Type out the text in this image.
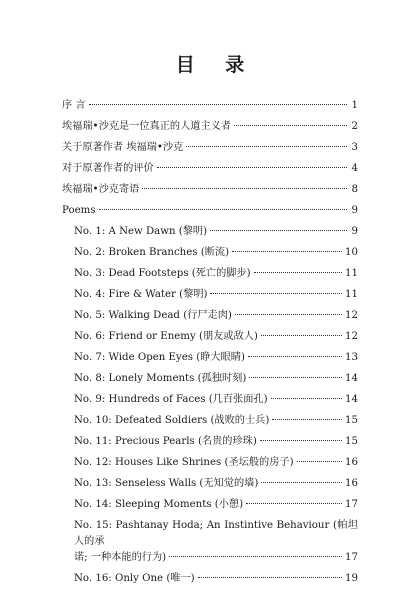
目 录
序 言	1
埃福瑞•沙克是一位真正的人道主义者	2
关于原著作者 埃福瑞•沙克	3
对于原著作者的评价	4
埃福瑞•沙克寄语	8
Poems	9
No. 1: A New Dawn (黎明)	9
No. 2: Broken Branches (断流)	10
No. 3: Dead Footsteps (死亡的脚步)	11
No. 4: Fire & Water (黎明)	11
No. 5: Walking Dead (行尸走肉)	12
No. 6: Friend or Enemy (朋友或敌人)	12
No. 7: Wide Open Eyes (睁大眼睛)	13
No. 8: Lonely Moments (孤独时刻)	14
No. 9: Hundreds of Faces (几百张面孔)	14
No. 10: Defeated Soldiers (战败的士兵)	15
No. 11: Precious Pearls (名贵的珍珠)	15
No. 12: Houses Like Shrines (圣坛般的房子)	16
No. 13: Senseless Walls (无知觉的墙)	16
No. 14: Sleeping Moments (小憩)	17
No. 15: Pashtanay Hoda; An Instintive Behaviour (帕坦人的承
诺; 一种本能的行为)	17
No. 16: Only One (唯一)	19
